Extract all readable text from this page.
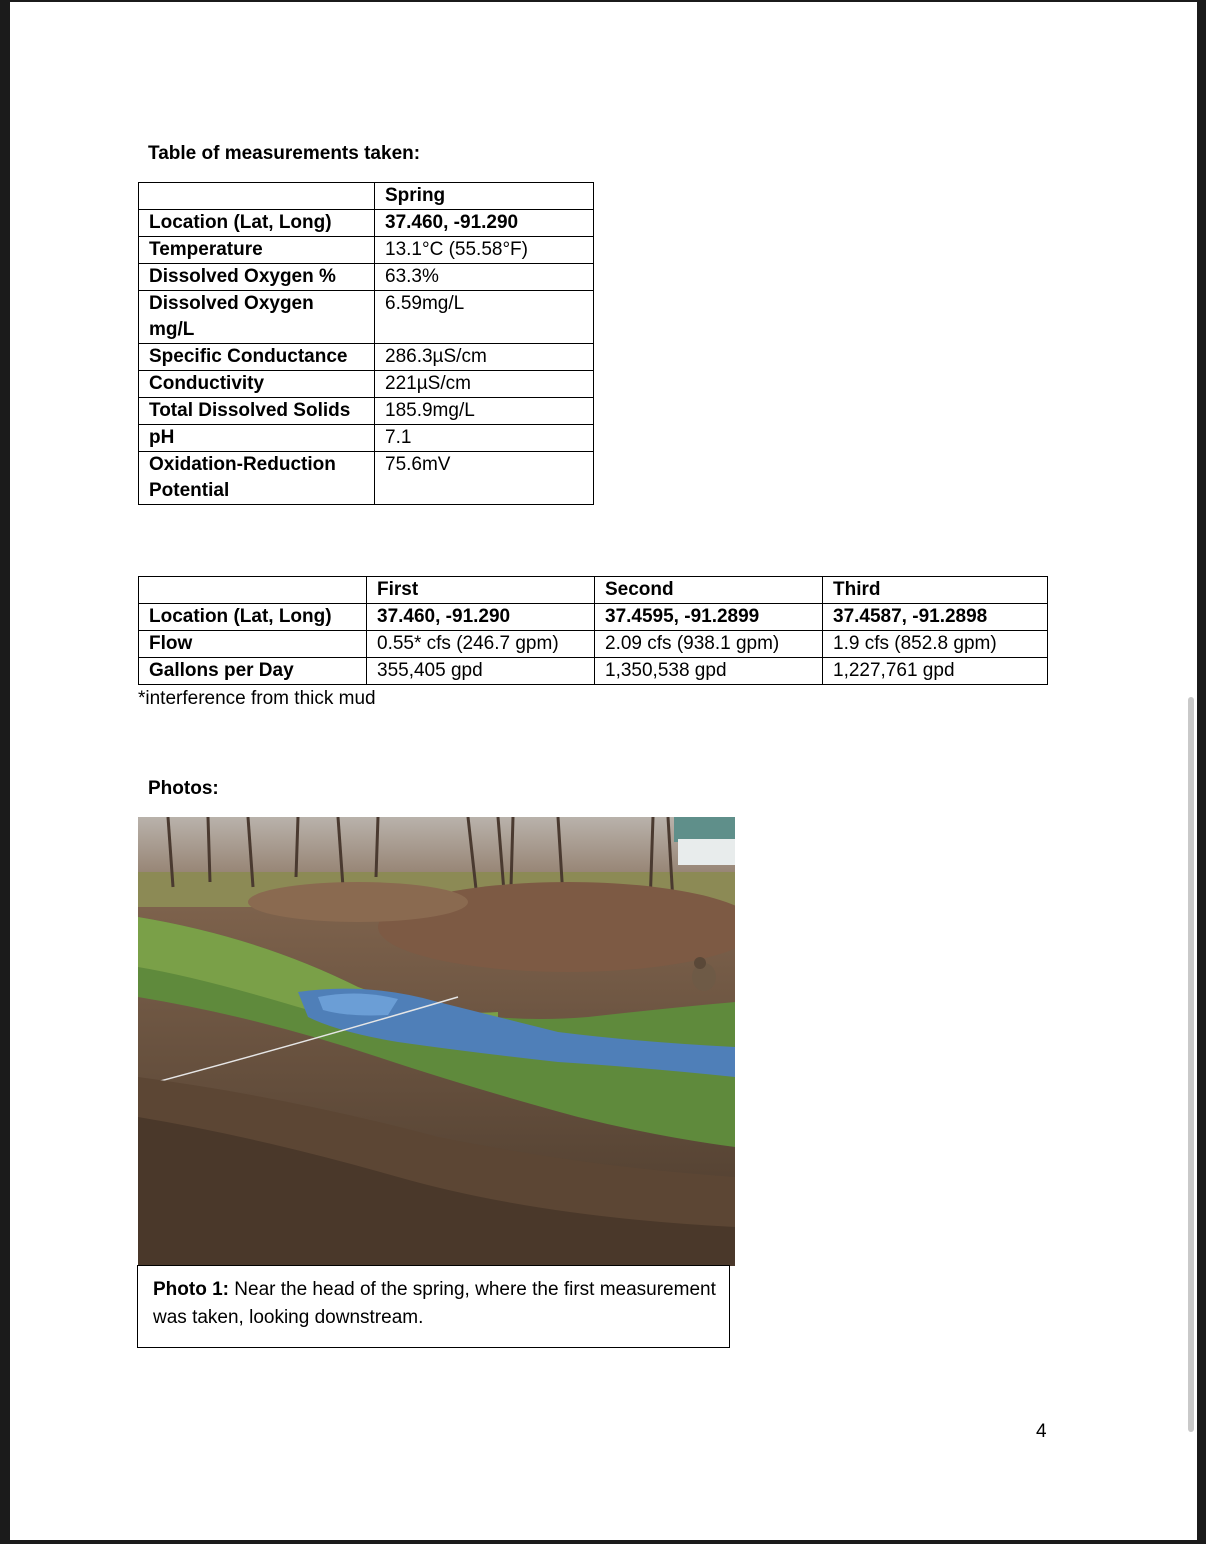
Table of measurements taken:
	Spring
Location (Lat, Long)	37.460, -91.290
Temperature	13.1°C (55.58°F)
Dissolved Oxygen %	63.3%
Dissolved Oxygen mg/L	6.59mg/L
Specific Conductance	286.3µS/cm
Conductivity	221µS/cm
Total Dissolved Solids	185.9mg/L
pH	7.1
Oxidation-Reduction Potential	75.6mV
	First	Second	Third
Location (Lat, Long)	37.460, -91.290	37.4595, -91.2899	37.4587, -91.2898
Flow	0.55* cfs (246.7 gpm)	2.09 cfs (938.1 gpm)	1.9 cfs (852.8 gpm)
Gallons per Day	355,405 gpd	1,350,538 gpd	1,227,761 gpd
*interference from thick mud
Photos:
Photo 1: Near the head of the spring, where the first measurement was taken, looking downstream.
4
